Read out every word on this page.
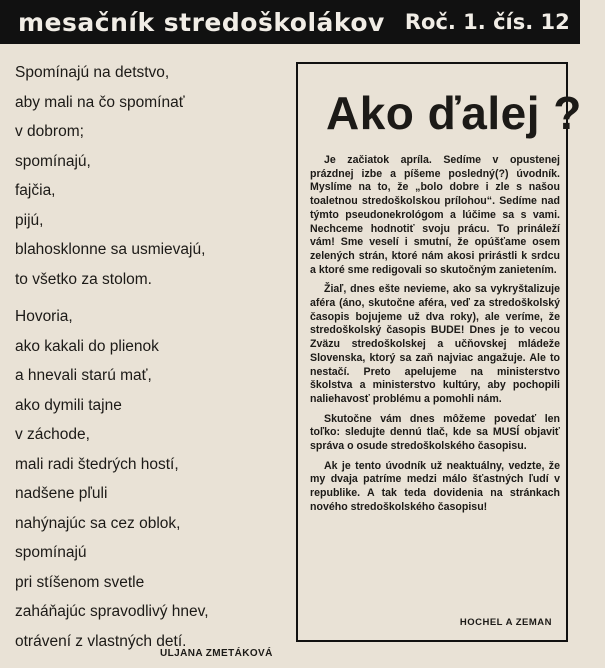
mesačník stredoškolákov Roč. 1. čís. 12
Spomínajú na detstvo,
aby mali na čo spomínať
v dobrom;
spomínajú,
fajčia,
pijú,
blahosklonne sa usmievajú,
to všetko za stolom.
Hovoria,
ako kakali do plienok
a hnevali starú mať,
ako dymili tajne
v záchode,
mali radi štedrých hostí,
nadšene pľuli
nahýnajúc sa cez oblok,
spomínajú
pri stíšenom svetle
zaháňajúc spravodlivý hnev,
otrávení z vlastných detí.
ULJANA ZMETÁKOVÁ
Ako ďalej ?

Je začiatok apríla. Sedíme v opustenej prázdnej izbe a píšeme posledný(?) úvodník. Myslíme na to, že „bolo dobre i zle s našou toaletnou stredoškolskou prílohou“. Sedíme nad týmto pseudonekrológom a lúčime sa s vami. Nechceme hodnotiť svoju prácu. To prináleží vám! Sme veselí i smutní, že opúšťame osem zelených strán, ktoré nám akosi prirástli k srdcu a ktoré sme redigovali so skutočným zanietením.

Žiaľ, dnes ešte nevieme, ako sa vykryštalizuje aféra (áno, skutočne aféra, veď za stredoškolský časopis bojujeme už dva roky), ale veríme, že stredoškolský časopis BUDE! Dnes je to vecou Zväzu stredoškolskej a učňovskej mládeže Slovenska, ktorý sa zaň najviac angažuje. Ale to nestačí. Preto apelujeme na ministerstvo školstva a ministerstvo kultúry, aby pochopili naliehavosť problému a pomohli nám.

Skutočne vám dnes môžeme povedať len toľko: sledujte dennú tlač, kde sa MUSÍ objaviť správa o osude stredoškolského časopisu.

Ak je tento úvodník už neaktuálny, vedzte, že my dvaja patríme medzi málo šťastných ľudí v republike. A tak teda dovidenia na stránkach nového stredoškolského časopisu!

HOCHEL A ZEMAN
